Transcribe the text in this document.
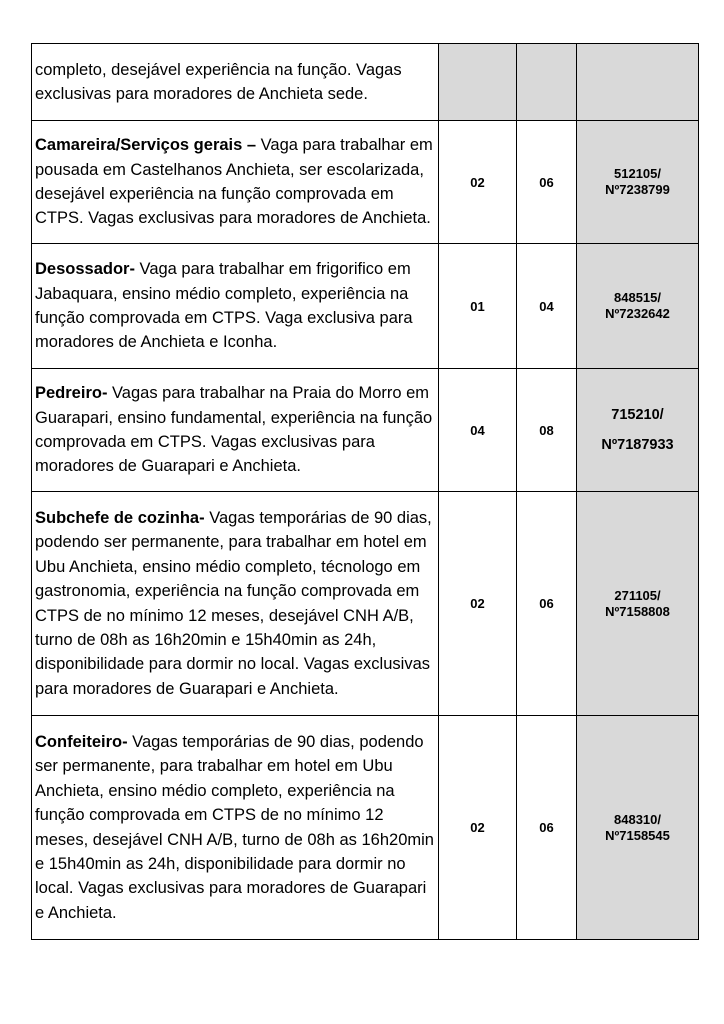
completo, desejável experiência na função. Vagas exclusivas para moradores de Anchieta sede.			

Camareira/Serviços gerais – Vaga para trabalhar em pousada em Castelhanos Anchieta, ser escolarizada, desejável experiência na função comprovada em CTPS. Vagas exclusivas para moradores de Anchieta.	02	06	512105/
Nº7238799

Desossador- Vaga para trabalhar em frigorifico em Jabaquara, ensino médio completo, experiência na função comprovada em CTPS. Vaga exclusiva para moradores de Anchieta e Iconha.	01	04	848515/
Nº7232642

Pedreiro- Vagas para trabalhar na Praia do Morro em Guarapari, ensino fundamental, experiência na função comprovada em CTPS. Vagas exclusivas para moradores de Guarapari e Anchieta.	04	08	715210/
Nº7187933

Subchefe de cozinha- Vagas temporárias de 90 dias, podendo ser permanente, para trabalhar em hotel em Ubu Anchieta, ensino médio completo, técnologo em gastronomia, experiência na função comprovada em CTPS de no mínimo 12 meses, desejável CNH A/B, turno de 08h as 16h20min e 15h40min as 24h, disponibilidade para dormir no local. Vagas exclusivas para moradores de Guarapari e Anchieta.	02	06	271105/
Nº7158808

Confeiteiro- Vagas temporárias de 90 dias, podendo ser permanente, para trabalhar em hotel em Ubu Anchieta, ensino médio completo, experiência na função comprovada em CTPS de no mínimo 12 meses, desejável CNH A/B, turno de 08h as 16h20min e 15h40min as 24h, disponibilidade para dormir no local. Vagas exclusivas para moradores de Guarapari e Anchieta.	02	06	848310/
Nº7158545
